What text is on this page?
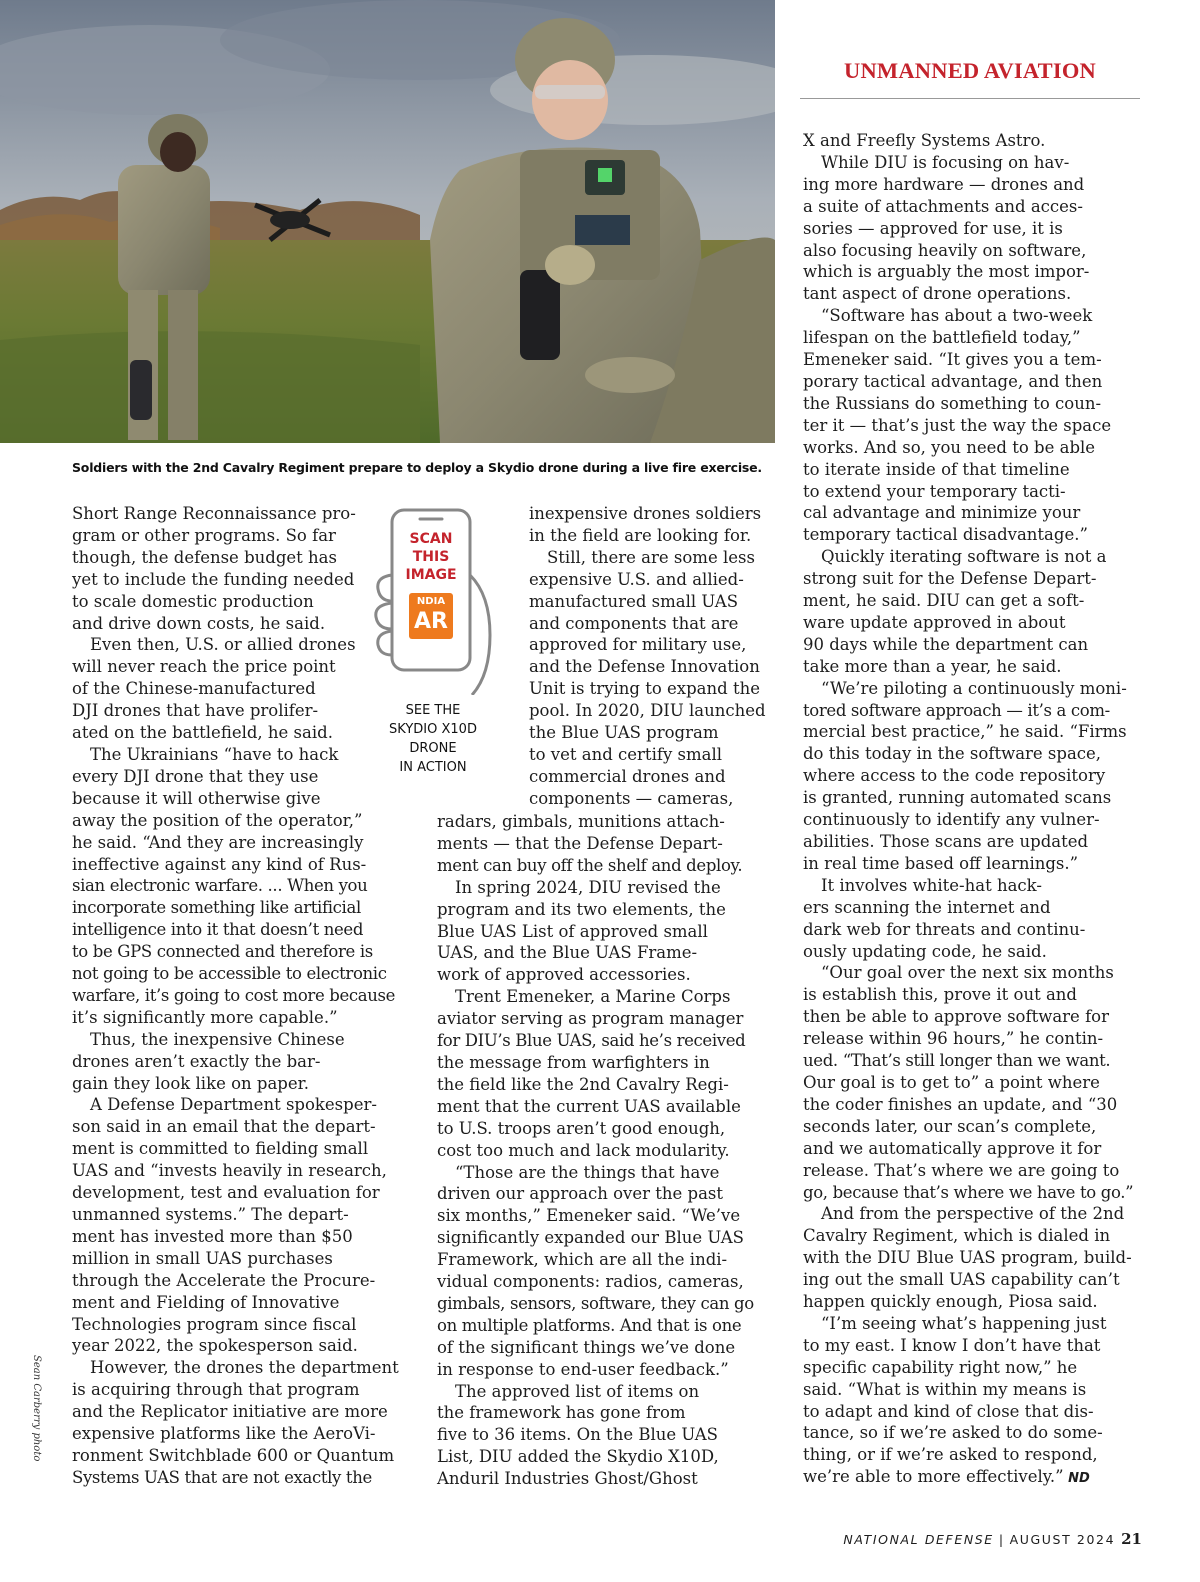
Soldiers with the 2nd Cavalry Regiment prepare to deploy a Skydio drone during a live fire exercise.
Sean Carberry photo
UNMANNED AVIATION
Short Range Reconnaissance pro-
gram or other programs. So far
though, the defense budget has
yet to include the funding needed
to scale domestic production
and drive down costs, he said.
Even then, U.S. or allied drones
will never reach the price point
of the Chinese-manufactured
DJI drones that have prolifer-
ated on the battlefield, he said.
The Ukrainians “have to hack
every DJI drone that they use
because it will otherwise give
away the position of the operator,”
he said. “And they are increasingly
ineffective against any kind of Rus-
sian electronic warfare. ... When you
incorporate something like artificial
intelligence into it that doesn’t need
to be GPS connected and therefore is
not going to be accessible to electronic
warfare, it’s going to cost more because
it’s significantly more capable.”
Thus, the inexpensive Chinese
drones aren’t exactly the bar-
gain they look like on paper.
A Defense Department spokesper-
son said in an email that the depart-
ment is committed to fielding small
UAS and “invests heavily in research,
development, test and evaluation for
unmanned systems.” The depart-
ment has invested more than $50
million in small UAS purchases
through the Accelerate the Procure-
ment and Fielding of Innovative
Technologies program since fiscal
year 2022, the spokesperson said.
However, the drones the department
is acquiring through that program
and the Replicator initiative are more
expensive platforms like the AeroVi-
ronment Switchblade 600 or Quantum
Systems UAS that are not exactly the
SCAN
THIS
IMAGE
NDIA
AR
SEE THE
SKYDIO X10D
DRONE
IN ACTION
inexpensive drones soldiers
in the field are looking for.
Still, there are some less
expensive U.S. and allied-
manufactured small UAS
and components that are
approved for military use,
and the Defense Innovation
Unit is trying to expand the
pool. In 2020, DIU launched
the Blue UAS program
to vet and certify small
commercial drones and
components — cameras,
radars, gimbals, munitions attach-
ments — that the Defense Depart-
ment can buy off the shelf and deploy.
In spring 2024, DIU revised the
program and its two elements, the
Blue UAS List of approved small
UAS, and the Blue UAS Frame-
work of approved accessories.
Trent Emeneker, a Marine Corps
aviator serving as program manager
for DIU’s Blue UAS, said he’s received
the message from warfighters in
the field like the 2nd Cavalry Regi-
ment that the current UAS available
to U.S. troops aren’t good enough,
cost too much and lack modularity.
“Those are the things that have
driven our approach over the past
six months,” Emeneker said. “We’ve
significantly expanded our Blue UAS
Framework, which are all the indi-
vidual components: radios, cameras,
gimbals, sensors, software, they can go
on multiple platforms. And that is one
of the significant things we’ve done
in response to end-user feedback.”
The approved list of items on
the framework has gone from
five to 36 items. On the Blue UAS
List, DIU added the Skydio X10D,
Anduril Industries Ghost/Ghost
X and Freefly Systems Astro.
While DIU is focusing on hav-
ing more hardware — drones and
a suite of attachments and acces-
sories — approved for use, it is
also focusing heavily on software,
which is arguably the most impor-
tant aspect of drone operations.
“Software has about a two-week
lifespan on the battlefield today,”
Emeneker said. “It gives you a tem-
porary tactical advantage, and then
the Russians do something to coun-
ter it — that’s just the way the space
works. And so, you need to be able
to iterate inside of that timeline
to extend your temporary tacti-
cal advantage and minimize your
temporary tactical disadvantage.”
Quickly iterating software is not a
strong suit for the Defense Depart-
ment, he said. DIU can get a soft-
ware update approved in about
90 days while the department can
take more than a year, he said.
“We’re piloting a continuously moni-
tored software approach — it’s a com-
mercial best practice,” he said. “Firms
do this today in the software space,
where access to the code repository
is granted, running automated scans
continuously to identify any vulner-
abilities. Those scans are updated
in real time based off learnings.”
It involves white-hat hack-
ers scanning the internet and
dark web for threats and continu-
ously updating code, he said.
“Our goal over the next six months
is establish this, prove it out and
then be able to approve software for
release within 96 hours,” he contin-
ued. “That’s still longer than we want.
Our goal is to get to” a point where
the coder finishes an update, and “30
seconds later, our scan’s complete,
and we automatically approve it for
release. That’s where we are going to
go, because that’s where we have to go.”
And from the perspective of the 2nd
Cavalry Regiment, which is dialed in
with the DIU Blue UAS program, build-
ing out the small UAS capability can’t
happen quickly enough, Piosa said.
“I’m seeing what’s happening just
to my east. I know I don’t have that
specific capability right now,” he
said. “What is within my means is
to adapt and kind of close that dis-
tance, so if we’re asked to do some-
thing, or if we’re asked to respond,
we’re able to more effectively.” ND
NATIONAL DEFENSE | AUGUST 2024 21
